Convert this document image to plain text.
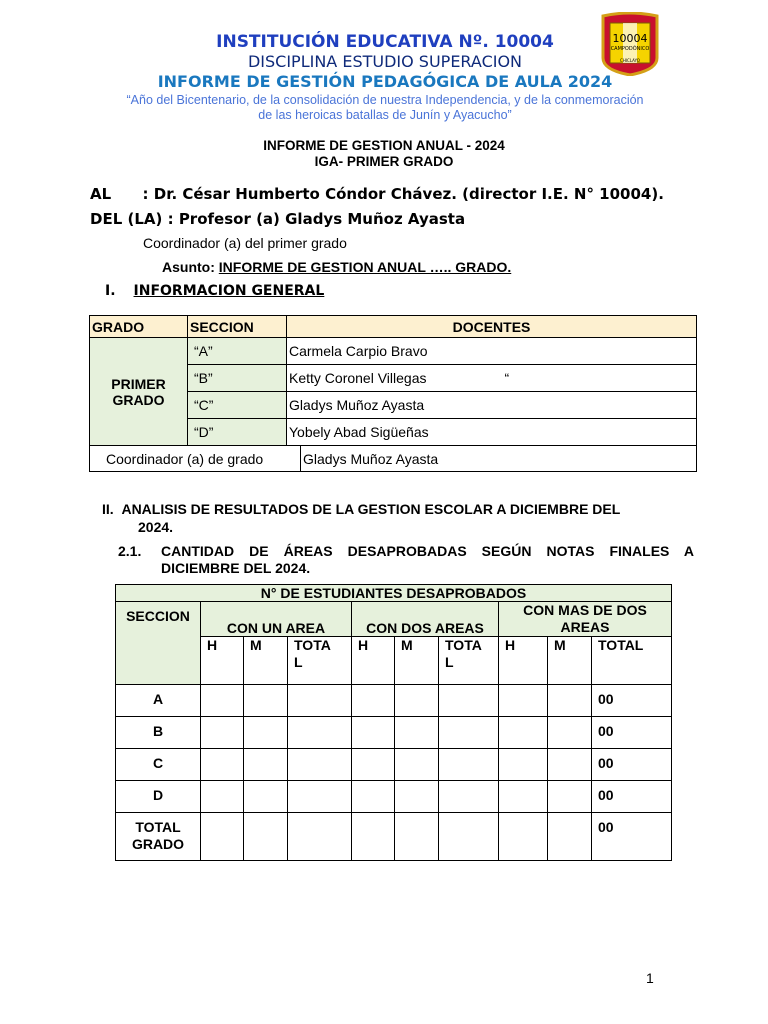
INSTITUCIÓN EDUCATIVA Nº. 10004
DISCIPLINA ESTUDIO SUPERACION
INFORME DE GESTIÓN PEDAGÓGICA DE AULA 2024
“Año del Bicentenario, de la consolidación de nuestra Independencia, y de la conmemoración
de las heroicas batallas de Junín y Ayacucho”
10004
CAMPODÓNICO
CHICLAYO
INFORME DE GESTION ANUAL - 2024
IGA- PRIMER GRADO
AL : Dr. César Humberto Cóndor Chávez. (director I.E. N° 10004).
DEL (LA) : Profesor (a) Gladys Muñoz Ayasta
Coordinador (a) del primer grado
Asunto: INFORME DE GESTION ANUAL ….. GRADO.
I. INFORMACION GENERAL
GRADO	SECCION	DOCENTES	

PRIMER
GRADO	“A”	Carmela Carpio Bravo	
	“B”	Ketty Coronel Villegas “	
	“C”	Gladys Muñoz Ayasta	
	“D”	Yobely Abad Sigüeñas	
Coordinador (a) de grado			Gladys Muñoz Ayasta
II. ANALISIS DE RESULTADOS DE LA GESTION ESCOLAR A DICIEMBRE DEL
2024.
2.1. CANTIDAD DE ÁREAS DESAPROBADAS SEGÚN NOTAS FINALES A DICIEMBRE DEL 2024.
N° DE ESTUDIANTES DESAPROBADOS									
SECCION	CON UN AREA			CON DOS AREAS			CON MAS DE DOS AREAS		
	H	M	TOTAL	H	M	TOTAL	H	M	TOTAL
A									00
B									00
C									00
D									00
TOTAL GRADO									00
1
